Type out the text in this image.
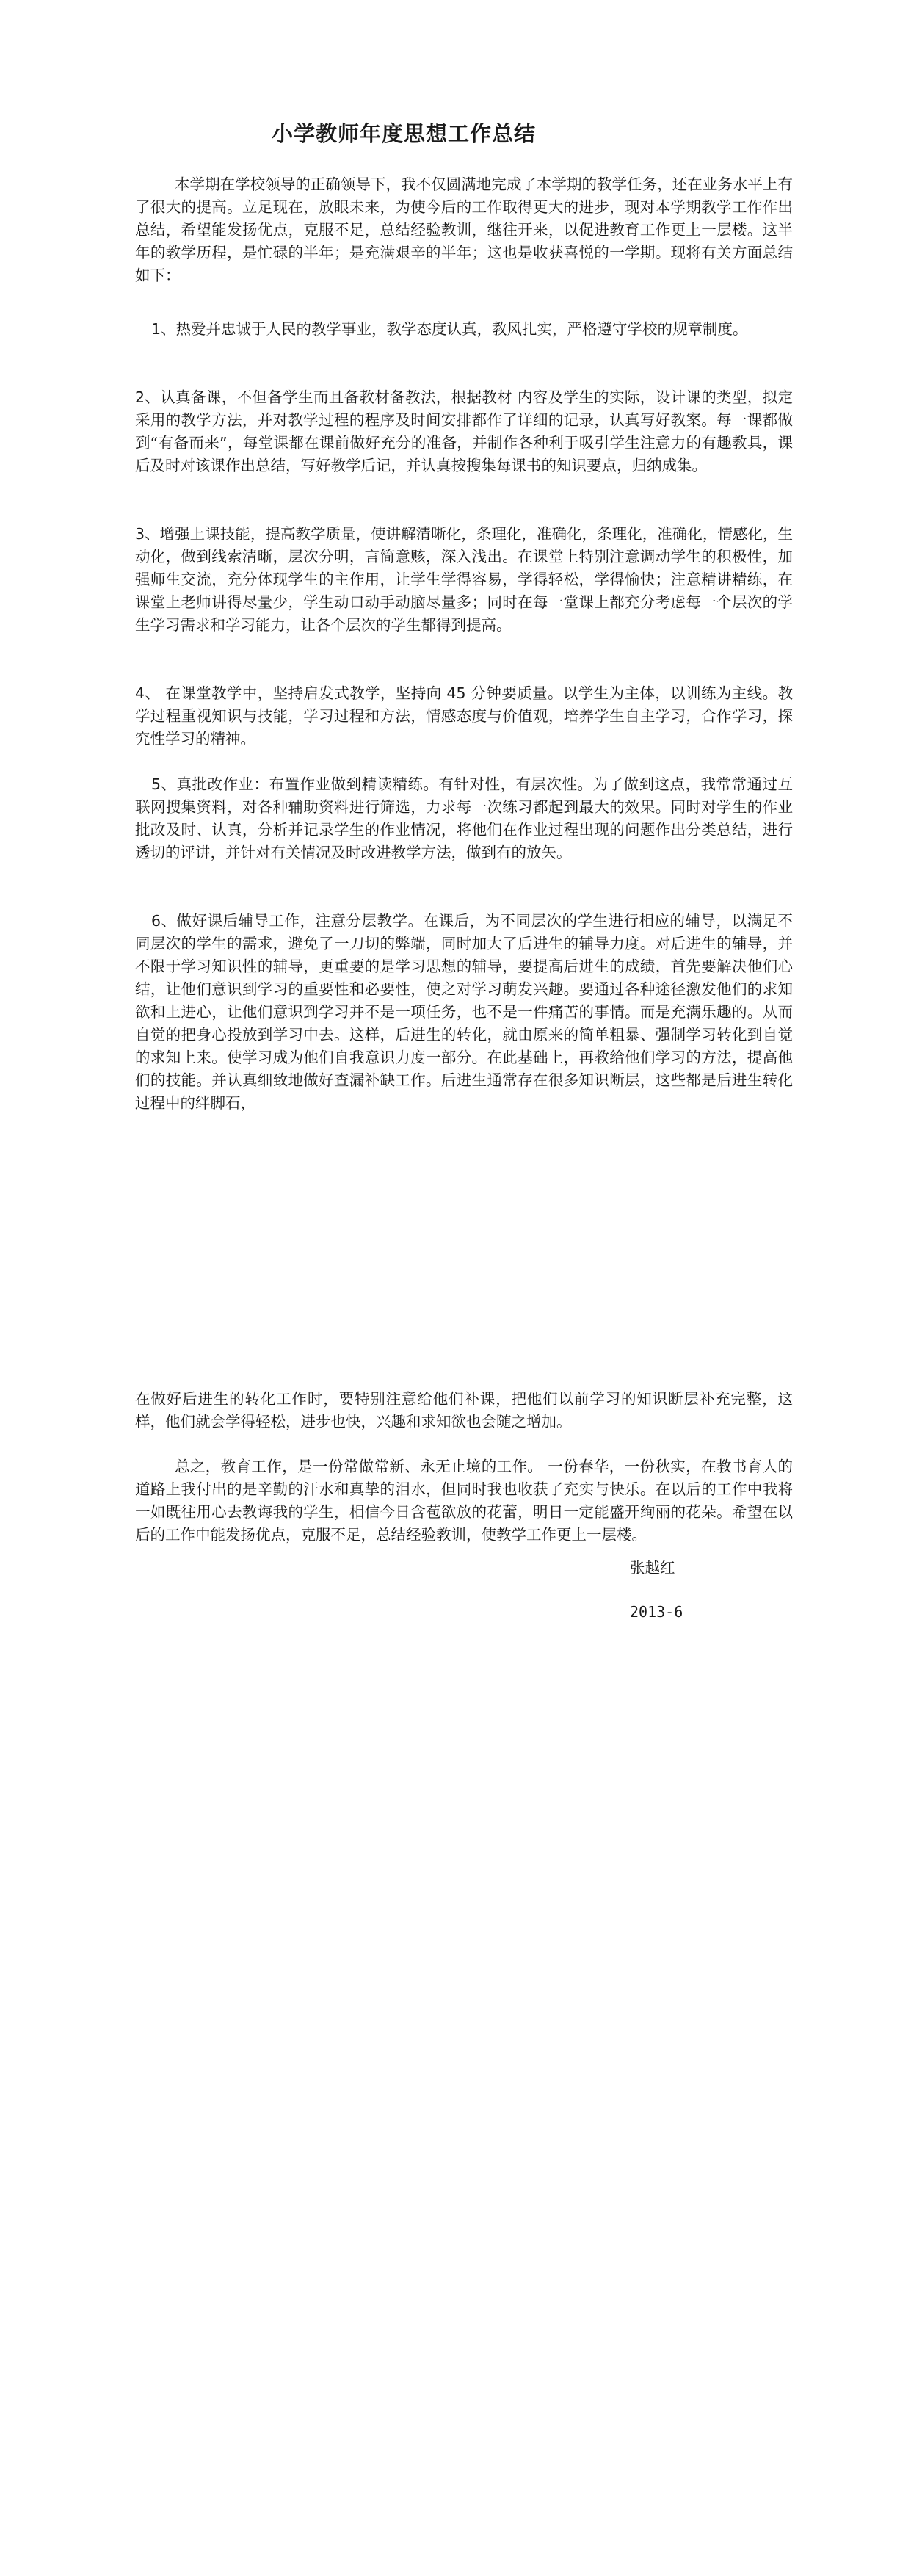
小学教师年度思想工作总结

本学期在学校领导的正确领导下，我不仅圆满地完成了本学期的教学任务，还在业务水平上有了很大的提高。立足现在，放眼未来，为使今后的工作取得更大的进步，现对本学期教学工作作出总结，希望能发扬优点，克服不足，总结经验教训，继往开来，以促进教育工作更上一层楼。这半年的教学历程，是忙碌的半年；是充满艰辛的半年；这也是收获喜悦的一学期。现将有关方面总结如下：

1、热爱并忠诚于人民的教学事业，教学态度认真，教风扎实，严格遵守学校的规章制度。

2、认真备课，不但备学生而且备教材备教法，根据教材 内容及学生的实际，设计课的类型，拟定采用的教学方法，并对教学过程的程序及时间安排都作了详细的记录，认真写好教案。每一课都做到“有备而来”，每堂课都在课前做好充分的准备，并制作各种利于吸引学生注意力的有趣教具，课后及时对该课作出总结，写好教学后记，并认真按搜集每课书的知识要点，归纳成集。

3、增强上课技能，提高教学质量，使讲解清晰化，条理化，准确化，条理化，准确化，情感化，生动化，做到线索清晰，层次分明，言简意赅，深入浅出。在课堂上特别注意调动学生的积极性，加强师生交流，充分体现学生的主作用，让学生学得容易，学得轻松，学得愉快；注意精讲精练，在课堂上老师讲得尽量少，学生动口动手动脑尽量多；同时在每一堂课上都充分考虑每一个层次的学生学习需求和学习能力，让各个层次的学生都得到提高。

4、 在课堂教学中，坚持启发式教学，坚持向 45 分钟要质量。以学生为主体，以训练为主线。教学过程重视知识与技能，学习过程和方法，情感态度与价值观，培养学生自主学习，合作学习，探究性学习的精神。

5、真批改作业：布置作业做到精读精练。有针对性，有层次性。为了做到这点，我常常通过互联网搜集资料，对各种辅助资料进行筛选，力求每一次练习都起到最大的效果。同时对学生的作业批改及时、认真，分析并记录学生的作业情况，将他们在作业过程出现的问题作出分类总结，进行透切的评讲，并针对有关情况及时改进教学方法，做到有的放矢。

6、做好课后辅导工作，注意分层教学。在课后，为不同层次的学生进行相应的辅导，以满足不同层次的学生的需求，避免了一刀切的弊端，同时加大了后进生的辅导力度。对后进生的辅导，并不限于学习知识性的辅导，更重要的是学习思想的辅导，要提高后进生的成绩，首先要解决他们心结，让他们意识到学习的重要性和必要性，使之对学习萌发兴趣。要通过各种途径激发他们的求知欲和上进心，让他们意识到学习并不是一项任务，也不是一件痛苦的事情。而是充满乐趣的。从而自觉的把身心投放到学习中去。这样，后进生的转化，就由原来的简单粗暴、强制学习转化到自觉的求知上来。使学习成为他们自我意识力度一部分。在此基础上，再教给他们学习的方法，提高他们的技能。并认真细致地做好查漏补缺工作。后进生通常存在很多知识断层，这些都是后进生转化过程中的绊脚石，

在做好后进生的转化工作时，要特别注意给他们补课，把他们以前学习的知识断层补充完整，这样，他们就会学得轻松，进步也快，兴趣和求知欲也会随之增加。

总之，教育工作，是一份常做常新、永无止境的工作。 一份春华，一份秋实，在教书育人的道路上我付出的是辛勤的汗水和真挚的泪水，但同时我也收获了充实与快乐。在以后的工作中我将一如既往用心去教诲我的学生，相信今日含苞欲放的花蕾，明日一定能盛开绚丽的花朵。希望在以后的工作中能发扬优点，克服不足，总结经验教训，使教学工作更上一层楼。

张越红

2013-6
